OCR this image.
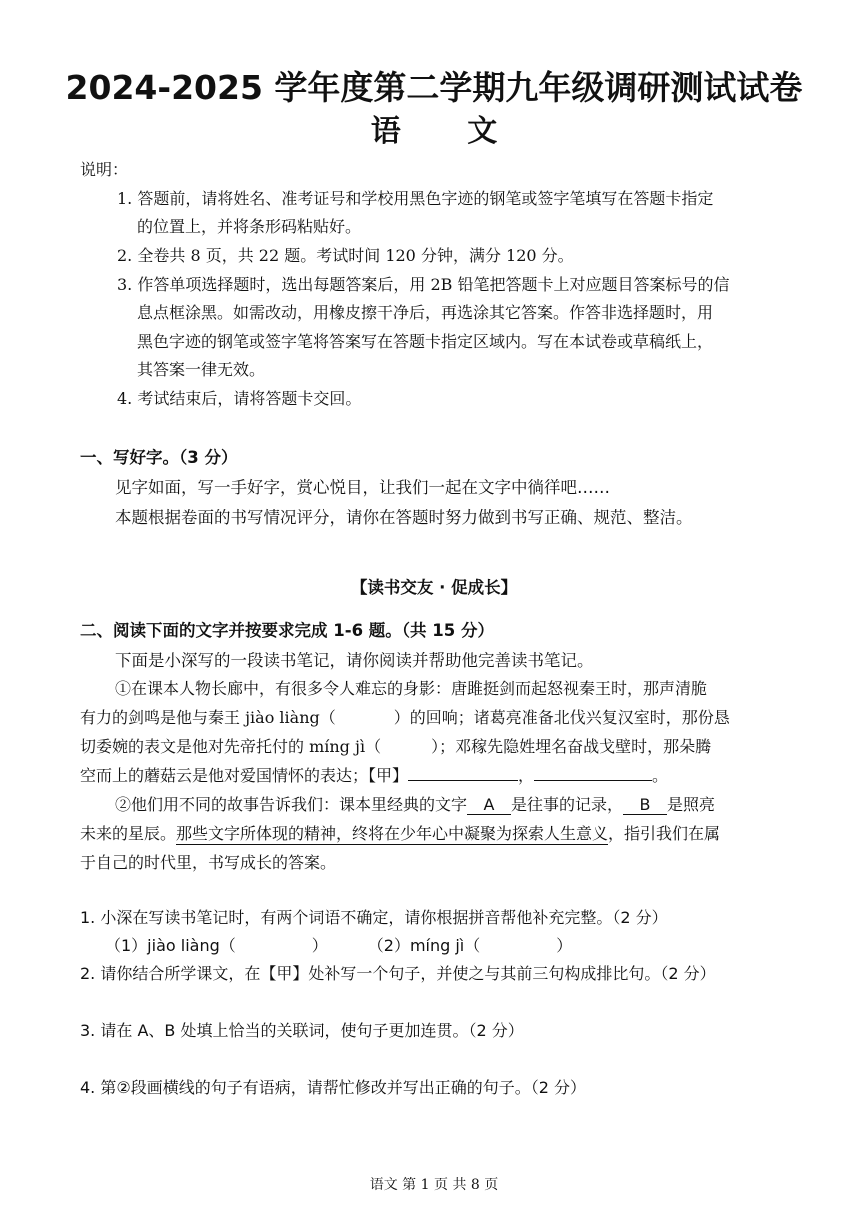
2024-2025 学年度第二学期九年级调研测试试卷
语 文
说明：
1. 答题前，请将姓名、准考证号和学校用黑色字迹的钢笔或签字笔填写在答题卡指定
的位置上，并将条形码粘贴好。
2. 全卷共 8 页，共 22 题。考试时间 120 分钟，满分 120 分。
3. 作答单项选择题时，选出每题答案后，用 2B 铅笔把答题卡上对应题目答案标号的信
息点框涂黑。如需改动，用橡皮擦干净后，再选涂其它答案。作答非选择题时，用
黑色字迹的钢笔或签字笔将答案写在答题卡指定区域内。写在本试卷或草稿纸上，
其答案一律无效。
4. 考试结束后，请将答题卡交回。
一、写好字。（3 分）
见字如面，写一手好字，赏心悦目，让我们一起在文字中徜徉吧……
本题根据卷面的书写情况评分，请你在答题时努力做到书写正确、规范、整洁。
【读书交友 · 促成长】
二、阅读下面的文字并按要求完成 1-6 题。（共 15 分）
下面是小深写的一段读书笔记，请你阅读并帮助他完善读书笔记。
①在课本人物长廊中，有很多令人难忘的身影：唐雎挺剑而起怒视秦王时，那声清脆
有力的剑鸣是他与秦王 jiào liàng（	）的回响；诸葛亮准备北伐兴复汉室时，那份恳
切委婉的表文是他对先帝托付的 míng jì（	）；邓稼先隐姓埋名奋战戈壁时，那朵腾
空而上的蘑菇云是他对爱国情怀的表达；【甲】	，	。
②他们用不同的故事告诉我们：课本里经典的文字 A 是往事的记录， B 是照亮
未来的星辰。那些文字所体现的精神，终将在少年心中凝聚为探索人生意义，指引我们在属
于自己的时代里，书写成长的答案。
1. 小深在写读书笔记时，有两个词语不确定，请你根据拼音帮他补充完整。（2 分）
（1）jiào liàng（	）	（2）míng jì（	）
2. 请你结合所学课文，在【甲】处补写一个句子，并使之与其前三句构成排比句。（2 分）
3. 请在 A、B 处填上恰当的关联词，使句子更加连贯。（2 分）
4. 第②段画横线的句子有语病，请帮忙修改并写出正确的句子。（2 分）
语文 第 1 页 共 8 页
